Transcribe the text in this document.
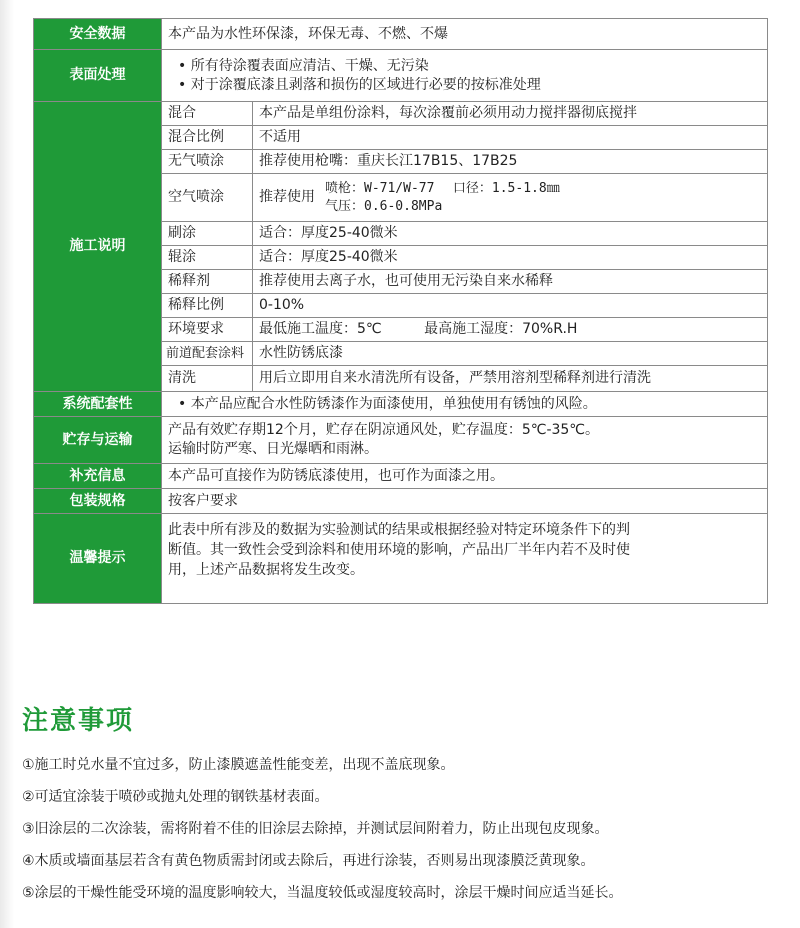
安全数据	本产品为水性环保漆，环保无毒、不燃、不爆	
表面处理	• 所有待涂覆表面应清洁、干燥、无污染
• 对于涂覆底漆且剥落和损伤的区域进行必要的按标准处理

施工说明	混合	本产品是单组份涂料，每次涂覆前必须用动力搅拌器彻底搅拌
	混合比例	不适用
	无气喷涂	推荐使用枪嘴：重庆长江17B15、17B25
	空气喷涂	推荐使用
喷枪：W-71/W-77 口径：1.5-1.8㎜
气压：0.6-0.8MPa

	刷涂	适合：厚度25-40微米
	辊涂	适合：厚度25-40微米
	稀释剂	推荐使用去离子水，也可使用无污染自来水稀释
	稀释比例	0-10%
	环境要求	最低施工温度：5℃ 最高施工湿度：70%R.H
	前道配套涂料	水性防锈底漆
	清洗	用后立即用自来水清洗所有设备，严禁用溶剂型稀释剂进行清洗
系统配套性	• 本产品应配合水性防锈漆作为面漆使用，单独使用有锈蚀的风险。
贮存与运输	产品有效贮存期12个月，贮存在阴凉通风处，贮存温度：5℃-35℃。
运输时防严寒、日光爆晒和雨淋。	

补充信息	本产品可直接作为防锈底漆使用，也可作为面漆之用。	
包装规格	按客户要求	
温馨提示	此表中所有涉及的数据为实验测试的结果或根据经验对特定环境条件下的判
断值。其一致性会受到涂料和使用环境的影响，产品出厂半年内若不及时使
用，上述产品数据将发生改变。	
注意事项

①施工时兑水量不宜过多，防止漆膜遮盖性能变差，出现不盖底现象。

②可适宜涂装于喷砂或抛丸处理的钢铁基材表面。

③旧涂层的二次涂装，需将附着不佳的旧涂层去除掉，并测试层间附着力，防止出现包皮现象。

④木质或墙面基层若含有黄色物质需封闭或去除后，再进行涂装，否则易出现漆膜泛黄现象。

⑤涂层的干燥性能受环境的温度影响较大，当温度较低或湿度较高时，涂层干燥时间应适当延长。
